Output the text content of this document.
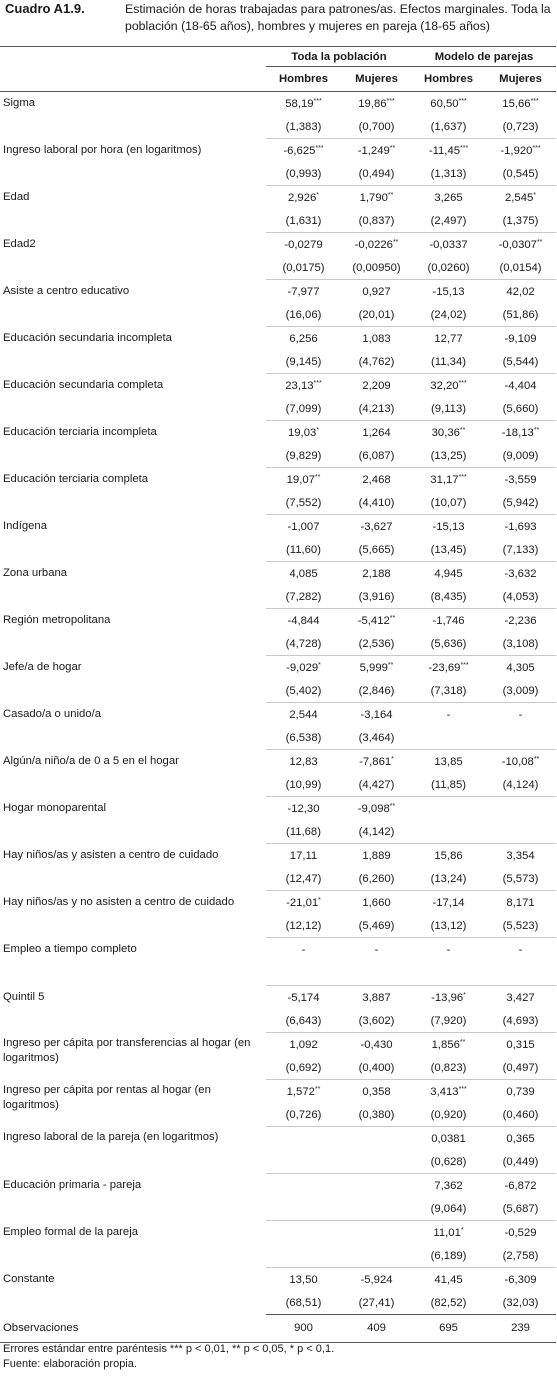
Cuadro A1.9.	Estimación de horas trabajadas para patrones/as. Efectos marginales. Toda la población (18-65 años), hombres y mujeres en pareja (18-65 años)
	Toda la población		Modelo de parejas	
	Hombres	Mujeres	Hombres	Mujeres
Sigma	58,19***	19,86***	60,50***	15,66***
	(1,383)	(0,700)	(1,637)	(0,723)
Ingreso laboral por hora (en logaritmos)	-6,625***	-1,249**	-11,45***	-1,920***
	(0,993)	(0,494)	(1,313)	(0,545)
Edad	2,926*	1,790**	3,265	2,545*
	(1,631)	(0,837)	(2,497)	(1,375)
Edad2	-0,0279	-0,0226**	-0,0337	-0,0307**
	(0,0175)	(0,00950)	(0,0260)	(0,0154)
Asiste a centro educativo	-7,977	0,927	-15,13	42,02
	(16,06)	(20,01)	(24,02)	(51,86)
Educación secundaria incompleta	6,256	1,083	12,77	-9,109
	(9,145)	(4,762)	(11,34)	(5,544)
Educación secundaria completa	23,13***	2,209	32,20***	-4,404
	(7,099)	(4,213)	(9,113)	(5,660)
Educación terciaria incompleta	19,03*	1,264	30,36**	-18,13**
	(9,829)	(6,087)	(13,25)	(9,009)
Educación terciaria completa	19,07**	2,468	31,17***	-3,559
	(7,552)	(4,410)	(10,07)	(5,942)
Indígena	-1,007	-3,627	-15,13	-1,693
	(11,60)	(5,665)	(13,45)	(7,133)
Zona urbana	4,085	2,188	4,945	-3,632
	(7,282)	(3,916)	(8,435)	(4,053)
Región metropolitana	-4,844	-5,412**	-1,746	-2,236
	(4,728)	(2,536)	(5,636)	(3,108)
Jefe/a de hogar	-9,029*	5,999**	-23,69***	4,305
	(5,402)	(2,846)	(7,318)	(3,009)
Casado/a o unido/a	2,544	-3,164	-	-
	(6,538)	(3,464)		
Algún/a niño/a de 0 a 5 en el hogar	12,83	-7,861*	13,85	-10,08**
	(10,99)	(4,427)	(11,85)	(4,124)
Hogar monoparental	-12,30	-9,098**		
	(11,68)	(4,142)		
Hay niños/as y asisten a centro de cuidado	17,11	1,889	15,86	3,354
	(12,47)	(6,260)	(13,24)	(5,573)
Hay niños/as y no asisten a centro de cuidado	-21,01*	1,660	-17,14	8,171
	(12,12)	(5,469)	(13,12)	(5,523)
Empleo a tiempo completo	-	-	-	-

Quintil 5	-5,174	3,887	-13,96*	3,427
	(6,643)	(3,602)	(7,920)	(4,693)
Ingreso per cápita por transferencias al hogar (en logaritmos)	1,092	-0,430	1,856**	0,315
	(0,692)	(0,400)	(0,823)	(0,497)
Ingreso per cápita por rentas al hogar (en logaritmos)	1,572**	0,358	3,413***	0,739
	(0,726)	(0,380)	(0,920)	(0,460)
Ingreso laboral de la pareja (en logaritmos)			0,0381	0,365
			(0,628)	(0,449)
Educación primaria - pareja			7,362	-6,872
			(9,064)	(5,687)
Empleo formal de la pareja			11,01*	-0,529
			(6,189)	(2,758)
Constante	13,50	-5,924	41,45	-6,309
	(68,51)	(27,41)	(82,52)	(32,03)
Observaciones	900	409	695	239
Errores estándar entre paréntesis *** p < 0,01, ** p < 0,05, * p < 0,1.
Fuente: elaboración propia.
